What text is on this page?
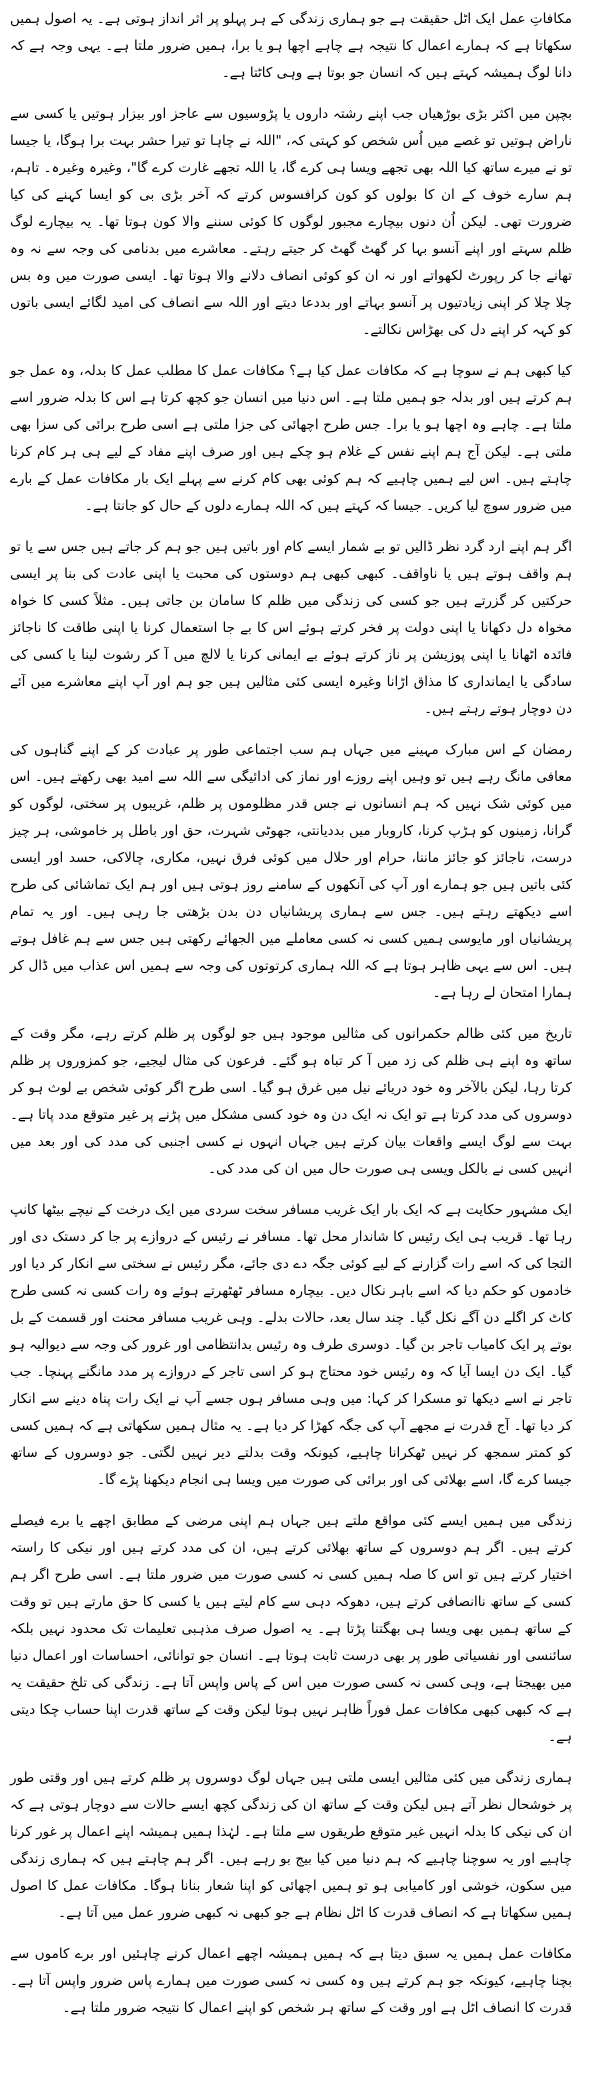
مکافاتِ عمل ایک اٹل حقیقت ہے جو ہماری زندگی کے ہر پہلو پر اثر انداز ہوتی ہے۔ یہ اصول ہمیں سکھاتا ہے کہ ہمارے اعمال کا نتیجہ ہے چاہے اچھا ہو یا برا، ہمیں ضرور ملتا ہے۔ یہی وجہ ہے کہ دانا لوگ ہمیشہ کہتے ہیں کہ انسان جو بوتا ہے وہی کاٹتا ہے۔

بچپن میں اکثر بڑی بوڑھیاں جب اپنے رشتہ داروں یا پڑوسیوں سے عاجز اور بیزار ہوتیں یا کسی سے ناراض ہوتیں تو غصے میں اُس شخص کو کہتی کہ، "اللہ نے چاہا تو تیرا حشر بہت برا ہوگا، یا جیسا تو نے میرے ساتھ کیا اللہ بھی تجھے ویسا ہی کرے گا، یا اللہ تجھے غارت کرے گا"، وغیرہ وغیرہ۔ تاہم، ہم سارے خوف کے ان کا بولوں کو کون کرافسوس کرتے کہ آخر بڑی بی کو ایسا کہنے کی کیا ضرورت تھی۔ لیکن اُن دنوں بیچارے مجبور لوگوں کا کوئی سننے والا کون ہوتا تھا۔ یہ بیچارے لوگ ظلم سہتے اور اپنے آنسو بہا کر گھٹ گھٹ کر جیتے رہتے۔ معاشرے میں بدنامی کی وجہ سے نہ وہ تھانے جا کر رپورٹ لکھواتے اور نہ ان کو کوئی انصاف دلانے والا ہوتا تھا۔ ایسی صورت میں وہ بس چلا چلا کر اپنی زیادتیوں پر آنسو بہاتے اور بددعا دیتے اور اللہ سے انصاف کی امید لگائے ایسی باتوں کو کہہ کر اپنے دل کی بھڑاس نکالتے۔

کیا کبھی ہم نے سوچا ہے کہ مکافات عمل کیا ہے؟ مکافات عمل کا مطلب عمل کا بدلہ، وہ عمل جو ہم کرتے ہیں اور بدلہ جو ہمیں ملتا ہے۔ اس دنیا میں انسان جو کچھ کرتا ہے اس کا بدلہ ضرور اسے ملتا ہے۔ چاہے وہ اچھا ہو یا برا۔ جس طرح اچھائی کی جزا ملتی ہے اسی طرح برائی کی سزا بھی ملتی ہے۔ لیکن آج ہم اپنے نفس کے غلام ہو چکے ہیں اور صرف اپنے مفاد کے لیے ہی ہر کام کرنا چاہتے ہیں۔ اس لیے ہمیں چاہیے کہ ہم کوئی بھی کام کرنے سے پہلے ایک بار مکافات عمل کے بارے میں ضرور سوچ لیا کریں۔ جیسا کہ کہتے ہیں کہ اللہ ہمارے دلوں کے حال کو جانتا ہے۔

اگر ہم اپنے ارد گرد نظر ڈالیں تو بے شمار ایسے کام اور باتیں ہیں جو ہم کر جاتے ہیں جس سے یا تو ہم واقف ہوتے ہیں یا ناواقف۔ کبھی کبھی ہم دوستوں کی محبت یا اپنی عادت کی بنا پر ایسی حرکتیں کر گزرتے ہیں جو کسی کی زندگی میں ظلم کا سامان بن جاتی ہیں۔ مثلاً کسی کا خواہ مخواہ دل دکھانا یا اپنی دولت پر فخر کرتے ہوئے اس کا بے جا استعمال کرنا یا اپنی طاقت کا ناجائز فائدہ اٹھانا یا اپنی پوزیشن پر ناز کرتے ہوئے بے ایمانی کرنا یا لالچ میں آ کر رشوت لینا یا کسی کی سادگی یا ایمانداری کا مذاق اڑانا وغیرہ ایسی کئی مثالیں ہیں جو ہم اور آپ اپنے معاشرے میں آئے دن دوچار ہوتے رہتے ہیں۔

رمضان کے اس مبارک مہینے میں جہاں ہم سب اجتماعی طور پر عبادت کر کے اپنے گناہوں کی معافی مانگ رہے ہیں تو وہیں اپنے روزے اور نماز کی ادائیگی سے اللہ سے امید بھی رکھتے ہیں۔ اس میں کوئی شک نہیں کہ ہم انسانوں نے جس قدر مظلوموں پر ظلم، غریبوں پر سختی، لوگوں کو گرانا، زمینوں کو ہڑپ کرنا، کاروبار میں بددیانتی، جھوٹی شہرت، حق اور باطل پر خاموشی، ہر چیز درست، ناجائز کو جائز ماننا، حرام اور حلال میں کوئی فرق نہیں، مکاری، چالاکی، حسد اور ایسی کئی باتیں ہیں جو ہمارے اور آپ کی آنکھوں کے سامنے روز ہوتی ہیں اور ہم ایک تماشائی کی طرح اسے دیکھتے رہتے ہیں۔ جس سے ہماری پریشانیاں دن بدن بڑھتی جا رہی ہیں۔ اور یہ تمام پریشانیاں اور مایوسی ہمیں کسی نہ کسی معاملے میں الجھائے رکھتی ہیں جس سے ہم غافل ہوتے ہیں۔ اس سے یہی ظاہر ہوتا ہے کہ اللہ ہماری کرتوتوں کی وجہ سے ہمیں اس عذاب میں ڈال کر ہمارا امتحان لے رہا ہے۔

تاریخ میں کئی ظالم حکمرانوں کی مثالیں موجود ہیں جو لوگوں پر ظلم کرتے رہے، مگر وقت کے ساتھ وہ اپنے ہی ظلم کی زد میں آ کر تباہ ہو گئے۔ فرعون کی مثال لیجیے، جو کمزوروں پر ظلم کرتا رہا، لیکن بالآخر وہ خود دریائے نیل میں غرق ہو گیا۔ اسی طرح اگر کوئی شخص بے لوث ہو کر دوسروں کی مدد کرتا ہے تو ایک نہ ایک دن وہ خود کسی مشکل میں پڑنے پر غیر متوقع مدد پاتا ہے۔ بہت سے لوگ ایسے واقعات بیان کرتے ہیں جہاں انہوں نے کسی اجنبی کی مدد کی اور بعد میں انہیں کسی نے بالکل ویسی ہی صورت حال میں ان کی مدد کی۔

ایک مشہور حکایت ہے کہ ایک بار ایک غریب مسافر سخت سردی میں ایک درخت کے نیچے بیٹھا کانپ رہا تھا۔ قریب ہی ایک رئیس کا شاندار محل تھا۔ مسافر نے رئیس کے دروازے پر جا کر دستک دی اور التجا کی کہ اسے رات گزارنے کے لیے کوئی جگہ دے دی جائے، مگر رئیس نے سختی سے انکار کر دیا اور خادموں کو حکم دیا کہ اسے باہر نکال دیں۔ بیچارہ مسافر ٹھٹھرتے ہوئے وہ رات کسی نہ کسی طرح کاٹ کر اگلے دن آگے نکل گیا۔ چند سال بعد، حالات بدلے۔ وہی غریب مسافر محنت اور قسمت کے بل بوتے پر ایک کامیاب تاجر بن گیا۔ دوسری طرف وہ رئیس بدانتظامی اور غرور کی وجہ سے دیوالیہ ہو گیا۔ ایک دن ایسا آیا کہ وہ رئیس خود محتاج ہو کر اسی تاجر کے دروازے پر مدد مانگنے پہنچا۔ جب تاجر نے اسے دیکھا تو مسکرا کر کہا: میں وہی مسافر ہوں جسے آپ نے ایک رات پناہ دینے سے انکار کر دیا تھا۔ آج قدرت نے مجھے آپ کی جگہ کھڑا کر دیا ہے۔ یہ مثال ہمیں سکھاتی ہے کہ ہمیں کسی کو کمتر سمجھ کر نہیں ٹھکرانا چاہیے، کیونکہ وقت بدلتے دیر نہیں لگتی۔ جو دوسروں کے ساتھ جیسا کرے گا، اسے بھلائی کی اور برائی کی صورت میں ویسا ہی انجام دیکھنا پڑے گا۔

زندگی میں ہمیں ایسے کئی مواقع ملتے ہیں جہاں ہم اپنی مرضی کے مطابق اچھے یا برے فیصلے کرتے ہیں۔ اگر ہم دوسروں کے ساتھ بھلائی کرتے ہیں، ان کی مدد کرتے ہیں اور نیکی کا راستہ اختیار کرتے ہیں تو اس کا صلہ ہمیں کسی نہ کسی صورت میں ضرور ملتا ہے۔ اسی طرح اگر ہم کسی کے ساتھ ناانصافی کرتے ہیں، دھوکہ دہی سے کام لیتے ہیں یا کسی کا حق مارتے ہیں تو وقت کے ساتھ ہمیں بھی ویسا ہی بھگتنا پڑتا ہے۔ یہ اصول صرف مذہبی تعلیمات تک محدود نہیں بلکہ سائنسی اور نفسیاتی طور پر بھی درست ثابت ہوتا ہے۔ انسان جو توانائی، احساسات اور اعمال دنیا میں بھیجتا ہے، وہی کسی نہ کسی صورت میں اس کے پاس واپس آتا ہے۔ زندگی کی تلخ حقیقت یہ ہے کہ کبھی کبھی مکافات عمل فوراً ظاہر نہیں ہوتا لیکن وقت کے ساتھ قدرت اپنا حساب چکا دیتی ہے۔

ہماری زندگی میں کئی مثالیں ایسی ملتی ہیں جہاں لوگ دوسروں پر ظلم کرتے ہیں اور وقتی طور پر خوشحال نظر آتے ہیں لیکن وقت کے ساتھ ان کی زندگی کچھ ایسے حالات سے دوچار ہوتی ہے کہ ان کی نیکی کا بدلہ انہیں غیر متوقع طریقوں سے ملتا ہے۔ لہٰذا ہمیں ہمیشہ اپنے اعمال پر غور کرنا چاہیے اور یہ سوچنا چاہیے کہ ہم دنیا میں کیا بیج بو رہے ہیں۔ اگر ہم چاہتے ہیں کہ ہماری زندگی میں سکون، خوشی اور کامیابی ہو تو ہمیں اچھائی کو اپنا شعار بنانا ہوگا۔ مکافات عمل کا اصول ہمیں سکھاتا ہے کہ انصاف قدرت کا اٹل نظام ہے جو کبھی نہ کبھی ضرور عمل میں آتا ہے۔

مکافات عمل ہمیں یہ سبق دیتا ہے کہ ہمیں ہمیشہ اچھے اعمال کرنے چاہئیں اور برے کاموں سے بچنا چاہیے، کیونکہ جو ہم کرتے ہیں وہ کسی نہ کسی صورت میں ہمارے پاس ضرور واپس آتا ہے۔ قدرت کا انصاف اٹل ہے اور وقت کے ساتھ ہر شخص کو اپنے اعمال کا نتیجہ ضرور ملتا ہے۔
